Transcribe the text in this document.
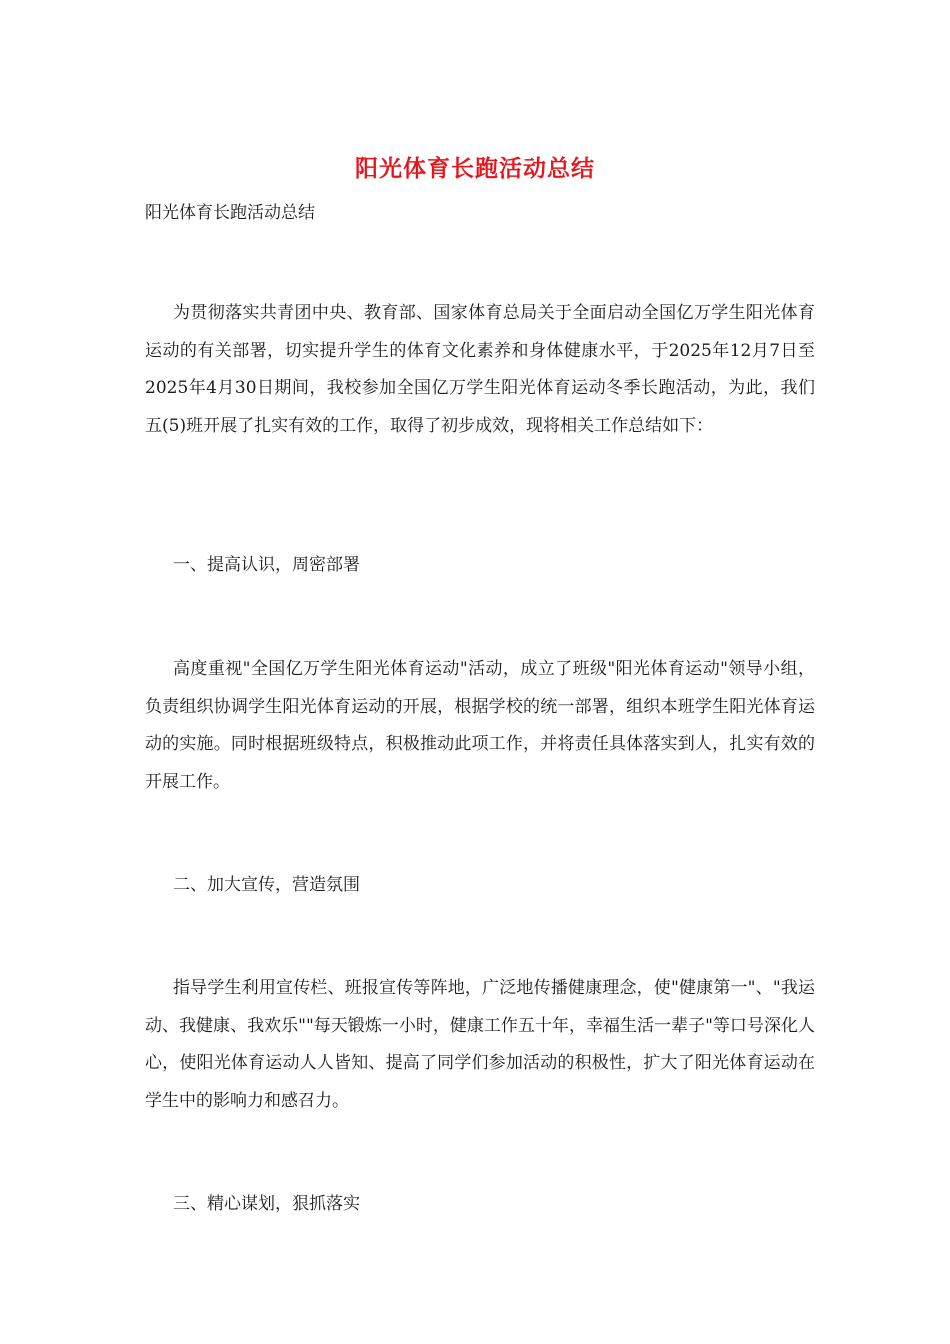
阳光体育长跑活动总结
阳光体育长跑活动总结

为贯彻落实共青团中央、教育部、国家体育总局关于全面启动全国亿万学生阳光体育运动的有关部署，切实提升学生的体育文化素养和身体健康水平，于2025年12月7日至2025年4月30日期间，我校参加全国亿万学生阳光体育运动冬季长跑活动，为此，我们五(5)班开展了扎实有效的工作，取得了初步成效，现将相关工作总结如下：

一、提高认识，周密部署

高度重视"全国亿万学生阳光体育运动"活动，成立了班级"阳光体育运动"领导小组，负责组织协调学生阳光体育运动的开展，根据学校的统一部署，组织本班学生阳光体育运动的实施。同时根据班级特点，积极推动此项工作，并将责任具体落实到人，扎实有效的开展工作。

二、加大宣传，营造氛围

指导学生利用宣传栏、班报宣传等阵地，广泛地传播健康理念，使"健康第一"、"我运动、我健康、我欢乐""每天锻炼一小时，健康工作五十年，幸福生活一辈子"等口号深化人心，使阳光体育运动人人皆知、提高了同学们参加活动的积极性，扩大了阳光体育运动在学生中的影响力和感召力。

三、精心谋划，狠抓落实
